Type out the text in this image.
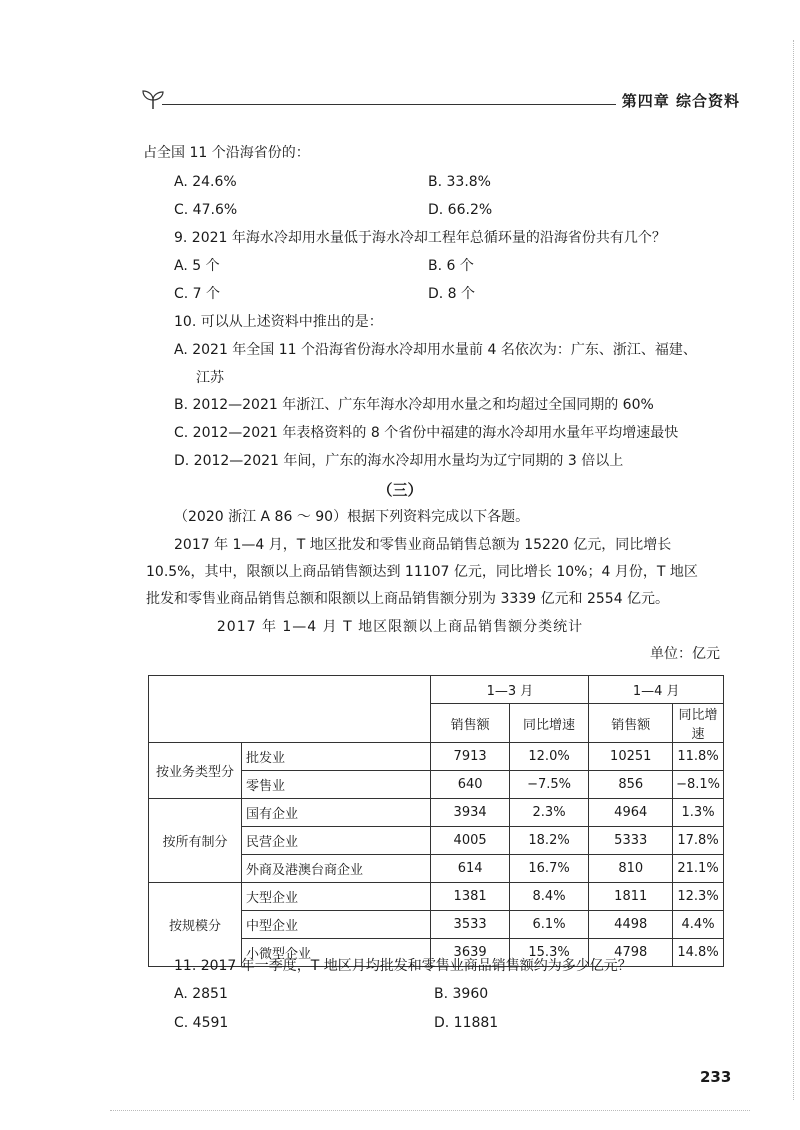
第四章 综合资料
占全国 11 个沿海省份的：
A. 24.6%	B. 33.8%
C. 47.6%	D. 66.2%
9. 2021 年海水冷却用水量低于海水冷却工程年总循环量的沿海省份共有几个？
A. 5 个	B. 6 个
C. 7 个	D. 8 个
10. 可以从上述资料中推出的是：
A. 2021 年全国 11 个沿海省份海水冷却用水量前 4 名依次为：广东、浙江、福建、
江苏
B. 2012—2021 年浙江、广东年海水冷却用水量之和均超过全国同期的 60%
C. 2012—2021 年表格资料的 8 个省份中福建的海水冷却用水量年平均增速最快
D. 2012—2021 年间，广东的海水冷却用水量均为辽宁同期的 3 倍以上
（三）
（2020 浙江 A 86 ～ 90）根据下列资料完成以下各题。
2017 年 1—4 月，T 地区批发和零售业商品销售总额为 15220 亿元，同比增长
10.5%，其中，限额以上商品销售额达到 11107 亿元，同比增长 10%；4 月份，T 地区
批发和零售业商品销售总额和限额以上商品销售额分别为 3339 亿元和 2554 亿元。
2017 年 1—4 月 T 地区限额以上商品销售额分类统计
单位：亿元
		1—3 月		1—4 月	
		销售额	同比增速	销售额	同比增速
按业务类型分	批发业	7913	12.0%	10251	11.8%
	零售业	640	−7.5%	856	−8.1%
按所有制分	国有企业	3934	2.3%	4964	1.3%
	民营企业	4005	18.2%	5333	17.8%
	外商及港澳台商企业	614	16.7%	810	21.1%
按规模分	大型企业	1381	8.4%	1811	12.3%
	中型企业	3533	6.1%	4498	4.4%
	小微型企业	3639	15.3%	4798	14.8%
11. 2017 年一季度，T 地区月均批发和零售业商品销售额约为多少亿元？
A. 2851	B. 3960
C. 4591	D. 11881
233
